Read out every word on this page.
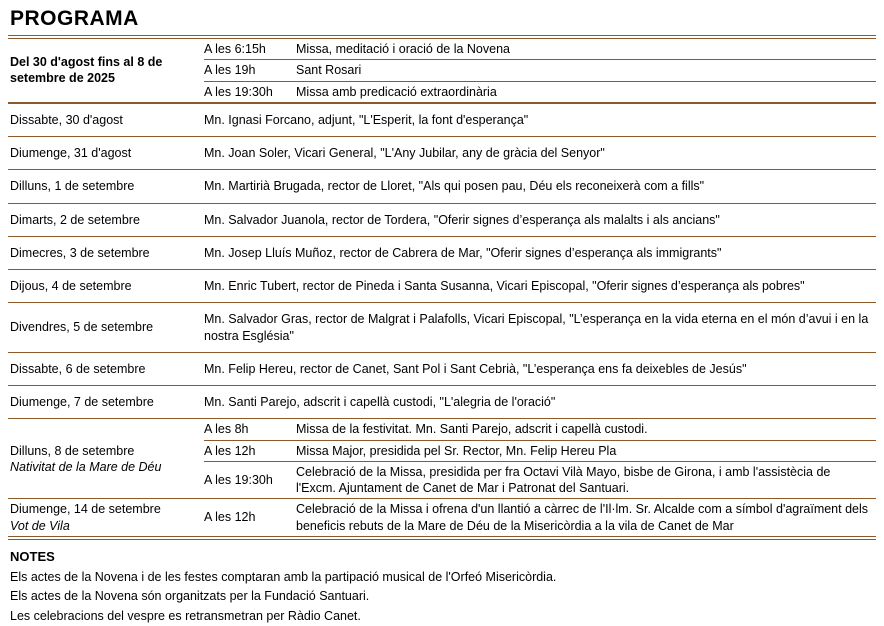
PROGRAMA
Del 30 d'agost fins al 8 de setembre de 2025	A les 6:15h	Missa, meditació i oració de la Novena
	A les 19h	Sant Rosari
	A les 19:30h	Missa amb predicació extraordinària
Dissabte, 30 d'agost	Mn. Ignasi Forcano, adjunt, "L'Esperit, la font d'esperança"	
Diumenge, 31 d'agost	Mn. Joan Soler, Vicari General, "L'Any Jubilar, any de gràcia del Senyor"	
Dilluns, 1 de setembre	Mn. Martirià Brugada, rector de Lloret, "Als qui posen pau, Déu els reconeixerà com a fills"	
Dimarts, 2 de setembre	Mn. Salvador Juanola, rector de Tordera, "Oferir signes d’esperança als malalts i als ancians"	
Dimecres, 3 de setembre	Mn. Josep Lluís Muñoz, rector de Cabrera de Mar, "Oferir signes d’esperança als immigrants"	
Dijous, 4 de setembre	Mn. Enric Tubert, rector de Pineda i Santa Susanna, Vicari Episcopal, "Oferir signes d’esperança als pobres"	
Divendres, 5 de setembre	Mn. Salvador Gras, rector de Malgrat i Palafolls, Vicari Episcopal, "L’esperança en la vida eterna en el món d’avui i en la nostra Església"	
Dissabte, 6 de setembre	Mn. Felip Hereu, rector de Canet, Sant Pol i Sant Cebrià, "L’esperança ens fa deixebles de Jesús"	
Diumenge, 7 de setembre	Mn. Santi Parejo, adscrit i capellà custodi, "L'alegria de l'oració"	

Dilluns, 8 de setembre
Nativitat de la Mare de Déu	A les 8h	Missa de la festivitat. Mn. Santi Parejo, adscrit i capellà custodi.
	A les 12h	Missa Major, presidida pel Sr. Rector, Mn. Felip Hereu Pla
	A les 19:30h	Celebració de la Missa, presidida per fra Octavi Vilà Mayo, bisbe de Girona, i amb l'assistècia de l'Excm. Ajuntament de Canet de Mar i Patronat del Santuari.

Diumenge, 14 de setembre
Vot de Vila	A les 12h	Celebració de la Missa i ofrena d'un llantió a càrrec de l'Il·lm. Sr. Alcalde com a símbol d'agraïment dels beneficis rebuts de la Mare de Déu de la Misericòrdia a la vila de Canet de Mar
NOTES
Els actes de la Novena i de les festes comptaran amb la partipació musical de l'Orfeó Misericòrdia.
Els actes de la Novena són organitzats per la Fundació Santuari.
Les celebracions del vespre es retransmetran per Ràdio Canet.
